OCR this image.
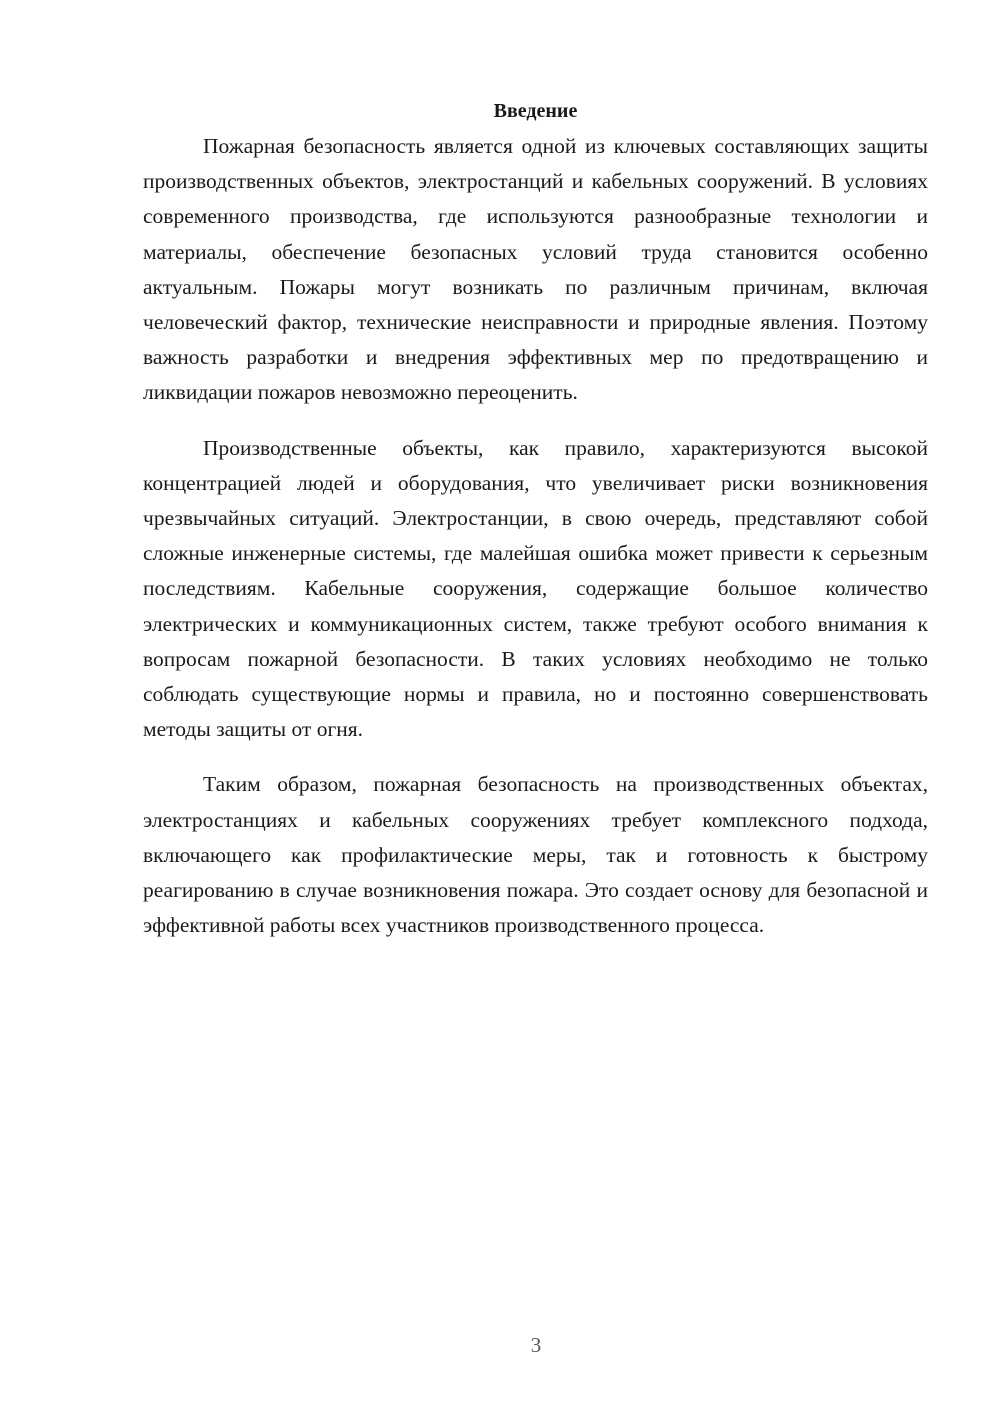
Введение

Пожарная безопасность является одной из ключевых составляющих защиты производственных объектов, электростанций и кабельных сооружений. В условиях современного производства, где используются разнообразные технологии и материалы, обеспечение безопасных условий труда становится особенно актуальным. Пожары могут возникать по различным причинам, включая человеческий фактор, технические неисправности и природные явления. Поэтому важность разработки и внедрения эффективных мер по предотвращению и ликвидации пожаров невозможно переоценить.

Производственные объекты, как правило, характеризуются высокой концентрацией людей и оборудования, что увеличивает риски возникновения чрезвычайных ситуаций. Электростанции, в свою очередь, представляют собой сложные инженерные системы, где малейшая ошибка может привести к серьезным последствиям. Кабельные сооружения, содержащие большое количество электрических и коммуникационных систем, также требуют особого внимания к вопросам пожарной безопасности. В таких условиях необходимо не только соблюдать существующие нормы и правила, но и постоянно совершенствовать методы защиты от огня.

Таким образом, пожарная безопасность на производственных объектах, электростанциях и кабельных сооружениях требует комплексного подхода, включающего как профилактические меры, так и готовность к быстрому реагированию в случае возникновения пожара. Это создает основу для безопасной и эффективной работы всех участников производственного процесса.

3
